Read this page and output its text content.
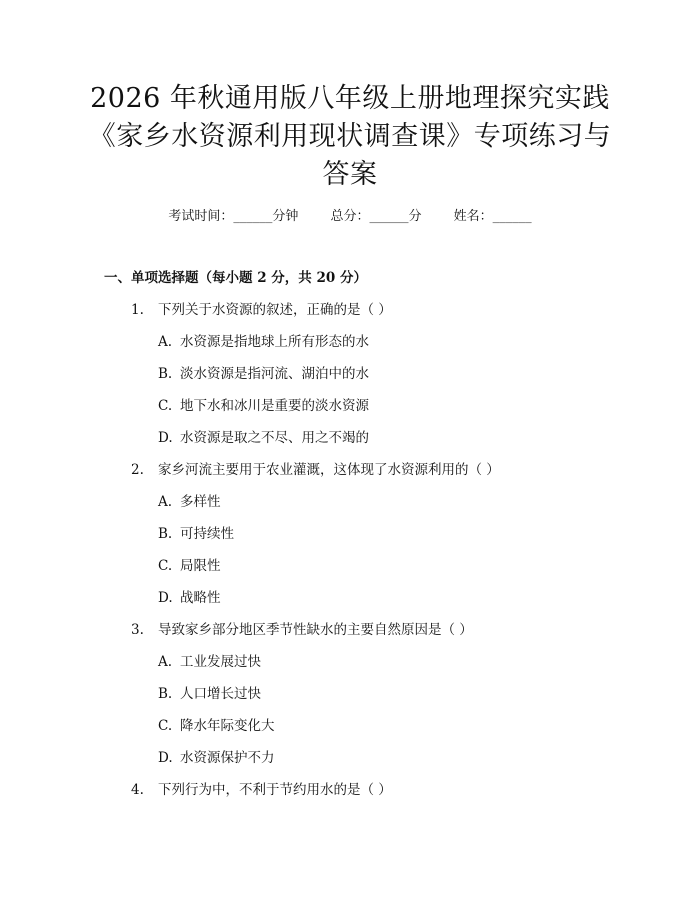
2026 年秋通用版八年级上册地理探究实践
《家乡水资源利用现状调查课》专项练习与
答案
考试时间：______分钟 总分：______分 姓名：______
一、单项选择题（每小题 2 分，共 20 分）
1. 下列关于水资源的叙述，正确的是（ ）
A. 水资源是指地球上所有形态的水
B. 淡水资源是指河流、湖泊中的水
C. 地下水和冰川是重要的淡水资源
D. 水资源是取之不尽、用之不竭的
2. 家乡河流主要用于农业灌溉，这体现了水资源利用的（ ）
A. 多样性
B. 可持续性
C. 局限性
D. 战略性
3. 导致家乡部分地区季节性缺水的主要自然原因是（ ）
A. 工业发展过快
B. 人口增长过快
C. 降水年际变化大
D. 水资源保护不力
4. 下列行为中，不利于节约用水的是（ ）
